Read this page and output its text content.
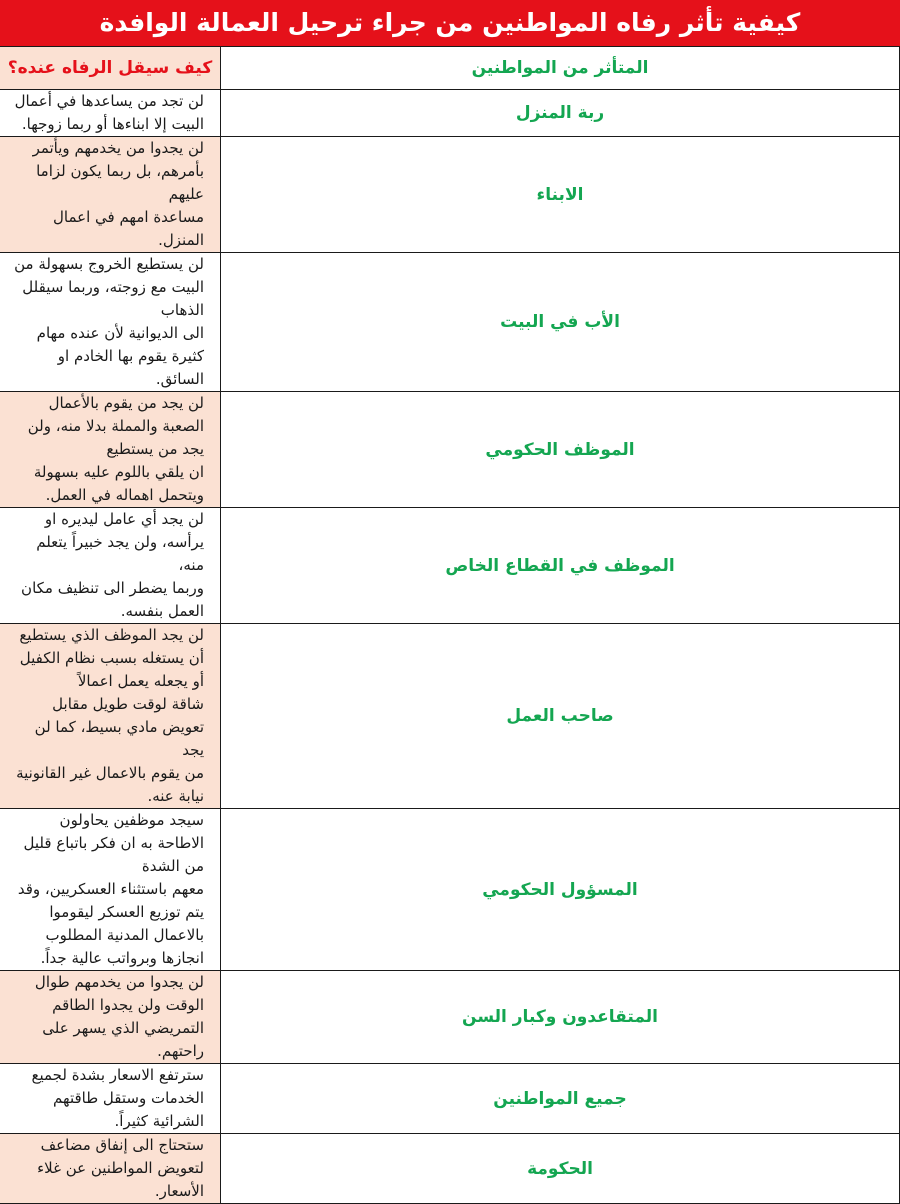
كيفية تأثر رفاه المواطنين من جراء ترحيل العمالة الوافدة
المتأثر من المواطنين	كيف سيقل الرفاه عنده؟
ربة المنزل	لن تجد من يساعدها في أعمال البيت إلا ابناءها أو ربما زوجها.
الابناء	لن يجدوا من يخدمهم ويأتمر بأمرهم، بل ربما يكون لزاما عليهم
مساعدة امهم في اعمال المنزل.
الأب في البيت	لن يستطيع الخروج بسهولة من البيت مع زوجته، وربما سيقلل الذهاب
الى الديوانية لأن عنده مهام كثيرة يقوم بها الخادم او السائق.
الموظف الحكومي	لن يجد من يقوم بالأعمال الصعبة والمملة بدلا منه، ولن يجد من يستطيع
ان يلقي باللوم عليه بسهولة ويتحمل اهماله في العمل.
الموظف في القطاع الخاص	لن يجد أي عامل ليديره او يرأسه، ولن يجد خبيراً يتعلم منه،
وربما يضطر الى تنظيف مكان العمل بنفسه.
صاحب العمل	لن يجد الموظف الذي يستطيع أن يستغله بسبب نظام الكفيل أو يجعله يعمل اعمالاً
شاقة لوقت طويل مقابل تعويض مادي بسيط، كما لن يجد
من يقوم بالاعمال غير القانونية نيابة عنه.
المسؤول الحكومي	سيجد موظفين يحاولون الاطاحة به ان فكر باتباع قليل من الشدة
معهم باستثناء العسكريين، وقد يتم توزيع العسكر ليقوموا
بالاعمال المدنية المطلوب انجازها وبرواتب عالية جداً.
المتقاعدون وكبار السن	لن يجدوا من يخدمهم طوال الوقت ولن يجدوا الطاقم التمريضي الذي يسهر على راحتهم.
جميع المواطنين	سترتفع الاسعار بشدة لجميع الخدمات وستقل طاقتهم الشرائية كثيراً.
الحكومة	ستحتاج الى إنفاق مضاعف لتعويض المواطنين عن غلاء الأسعار.
